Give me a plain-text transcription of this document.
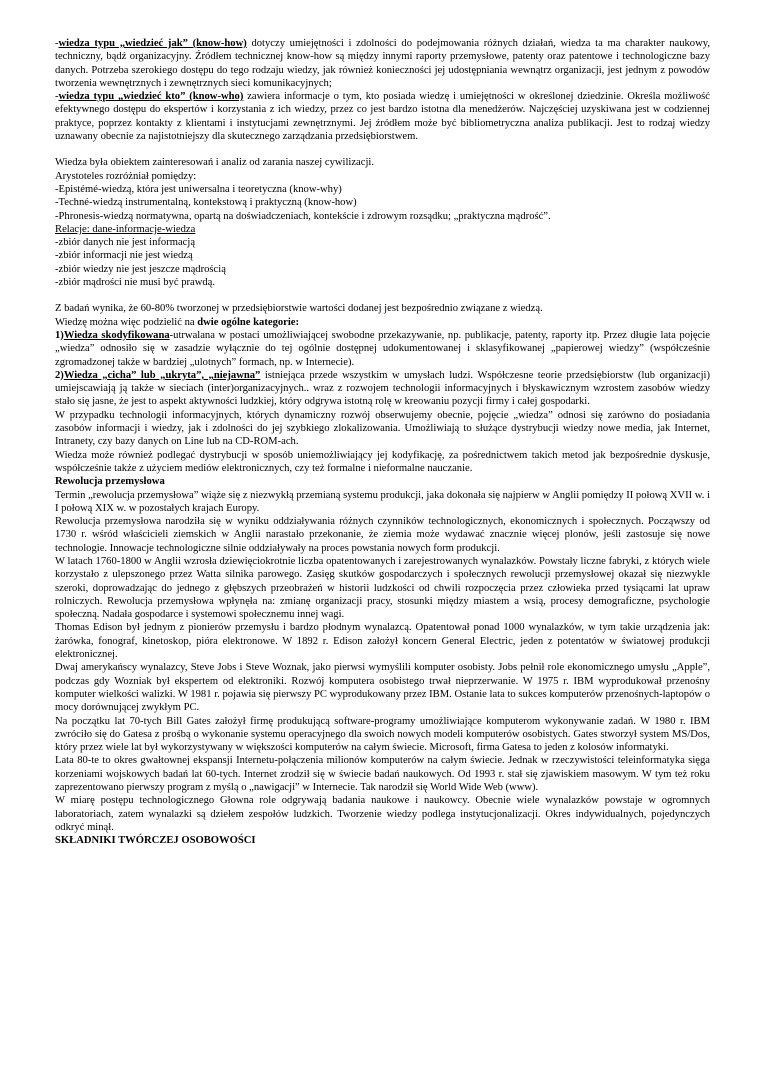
-wiedza typu „wiedzieć jak” (know-how) dotyczy umiejętności i zdolności do podejmowania różnych działań, wiedza ta ma charakter naukowy, techniczny, bądź organizacyjny. Źródłem technicznej know-how są między innymi raporty przemysłowe, patenty oraz patentowe i technologiczne bazy danych. Potrzeba szerokiego dostępu do tego rodzaju wiedzy, jak również konieczności jej udostępniania wewnątrz organizacji, jest jednym z powodów tworzenia wewnętrznych i zewnętrznych sieci komunikacyjnych;

-wiedza typu „wiedzieć kto” (know-who) zawiera informacje o tym, kto posiada wiedzę i umiejętności w określonej dziedzinie. Określa możliwość efektywnego dostępu do ekspertów i korzystania z ich wiedzy, przez co jest bardzo istotna dla menedżerów. Najczęściej uzyskiwana jest w codziennej praktyce, poprzez kontakty z klientami i instytucjami zewnętrznymi. Jej źródłem może być bibliometryczna analiza publikacji. Jest to rodzaj wiedzy uznawany obecnie za najistotniejszy dla skutecznego zarządzania przedsiębiorstwem.

Wiedza była obiektem zainteresowań i analiz od zarania naszej cywilizacji.

Arystoteles rozróżniał pomiędzy:

-Epistémé-wiedzą, która jest uniwersalna i teoretyczna (know-why)

-Techné-wiedzą instrumentalną, kontekstową i praktyczną (know-how)

-Phronesis-wiedzą normatywna, opartą na doświadczeniach, kontekście i zdrowym rozsądku; „praktyczna mądrość”.

Relacje: dane-informacje-wiedza

-zbiór danych nie jest informacją

-zbiór informacji nie jest wiedzą

-zbiór wiedzy nie jest jeszcze mądrością

-zbiór mądrości nie musi być prawdą.

Z badań wynika, że 60-80% tworzonej w przedsiębiorstwie wartości dodanej jest bezpośrednio związane z wiedzą.

Wiedzę można więc podzielić na dwie ogólne kategorie:

1)Wiedza skodyfikowana-utrwalana w postaci umożliwiającej swobodne przekazywanie, np. publikacje, patenty, raporty itp. Przez długie lata pojęcie „wiedza” odnosiło się w zasadzie wyłącznie do tej ogólnie dostępnej udokumentowanej i sklasyfikowanej „papierowej wiedzy” (współcześnie zgromadzonej także w bardziej „ulotnych” formach, np. w Internecie).

2)Wiedza „cicha” lub „ukryta”, „niejawna” istniejąca przede wszystkim w umysłach ludzi. Współczesne teorie przedsiębiorstw (lub organizacji) umiejscawiają ją także w sieciach (inter)organizacyjnych.. wraz z rozwojem technologii informacyjnych i błyskawicznym wzrostem zasobów wiedzy stało się jasne, że jest to aspekt aktywności ludzkiej, który odgrywa istotną rolę w kreowaniu pozycji firmy i całej gospodarki.

W przypadku technologii informacyjnych, których dynamiczny rozwój obserwujemy obecnie, pojęcie „wiedza” odnosi się zarówno do posiadania zasobów informacji i wiedzy, jak i zdolności do jej szybkiego zlokalizowania. Umożliwiają to służące dystrybucji wiedzy nowe media, jak Internet, Intranety, czy bazy danych on Line lub na CD-ROM-ach.

Wiedza może również podlegać dystrybucji w sposób uniemożliwiający jej kodyfikację, za pośrednictwem takich metod jak bezpośrednie dyskusje, współcześnie także z użyciem mediów elektronicznych, czy też formalne i nieformalne nauczanie.

Rewolucja przemysłowa

Termin „rewolucja przemysłowa” wiąże się z niezwykłą przemianą systemu produkcji, jaka dokonała się najpierw w Anglii pomiędzy II połową XVII w. i I połową XIX w. w pozostałych krajach Europy.

Rewolucja przemysłowa narodziła się w wyniku oddziaływania różnych czynników technologicznych, ekonomicznych i społecznych. Począwszy od 1730 r. wśród właścicieli ziemskich w Anglii narastało przekonanie, że ziemia może wydawać znacznie więcej plonów, jeśli zastosuje się nowe technologie. Innowacje technologiczne silnie oddziaływały na proces powstania nowych form produkcji.

W latach 1760-1800 w Anglii wzrosła dziewięciokrotnie liczba opatentowanych i zarejestrowanych wynalazków. Powstały liczne fabryki, z których wiele korzystało z ulepszonego przez Watta silnika parowego. Zasięg skutków gospodarczych i społecznych rewolucji przemysłowej okazał się niezwykle szeroki, doprowadzając do jednego z głębszych przeobrażeń w historii ludzkości od chwili rozpoczęcia przez człowieka przed tysiącami lat upraw rolniczych. Rewolucja przemysłowa wpłynęła na: zmianę organizacji pracy, stosunki między miastem a wsią, procesy demograficzne, psychologie społeczną. Nadała gospodarce i systemowi społecznemu innej wagi.

Thomas Edison był jednym z pionierów przemysłu i bardzo płodnym wynalazcą. Opatentował ponad 1000 wynalazków, w tym takie urządzenia jak: żarówka, fonograf, kinetoskop, pióra elektronowe. W 1892 r. Edison założył koncern General Electric, jeden z potentatów w światowej produkcji elektronicznej.

Dwaj amerykańscy wynalazcy, Steve Jobs i Steve Woznak, jako pierwsi wymyślili komputer osobisty. Jobs pełnił role ekonomicznego umysłu „Apple”, podczas gdy Wozniak był ekspertem od elektroniki. Rozwój komputera osobistego trwał nieprzerwanie. W 1975 r. IBM wyprodukował przenośny komputer wielkości walizki. W 1981 r. pojawia się pierwszy PC wyprodukowany przez IBM. Ostanie lata to sukces komputerów przenośnych-laptopów o mocy dorównującej zwykłym PC.

Na początku lat 70-tych Bill Gates założył firmę produkującą software-programy umożliwiające komputerom wykonywanie zadań. W 1980 r. IBM zwróciło się do Gatesa z prośbą o wykonanie systemu operacyjnego dla swoich nowych modeli komputerów osobistych. Gates stworzył system MS/Dos, który przez wiele lat był wykorzystywany w większości komputerów na całym świecie. Microsoft, firma Gatesa to jeden z kolosów informatyki.

Lata 80-te to okres gwałtownej ekspansji Internetu-połączenia milionów komputerów na całym świecie. Jednak w rzeczywistości teleinformatyka sięga korzeniami wojskowych badań lat 60-tych. Internet zrodził się w świecie badań naukowych. Od 1993 r. stał się zjawiskiem masowym. W tym też roku zaprezentowano pierwszy program z myślą o „nawigacji” w Internecie. Tak narodził się World Wide Web (www).

W miarę postępu technologicznego Głowna role odgrywają badania naukowe i naukowcy. Obecnie wiele wynalazków powstaje w ogromnych laboratoriach, zatem wynalazki są dziełem zespołów ludzkich. Tworzenie wiedzy podlega instytucjonalizacji. Okres indywidualnych, pojedynczych odkryć minął.

SKŁADNIKI TWÓRCZEJ OSOBOWOŚCI
